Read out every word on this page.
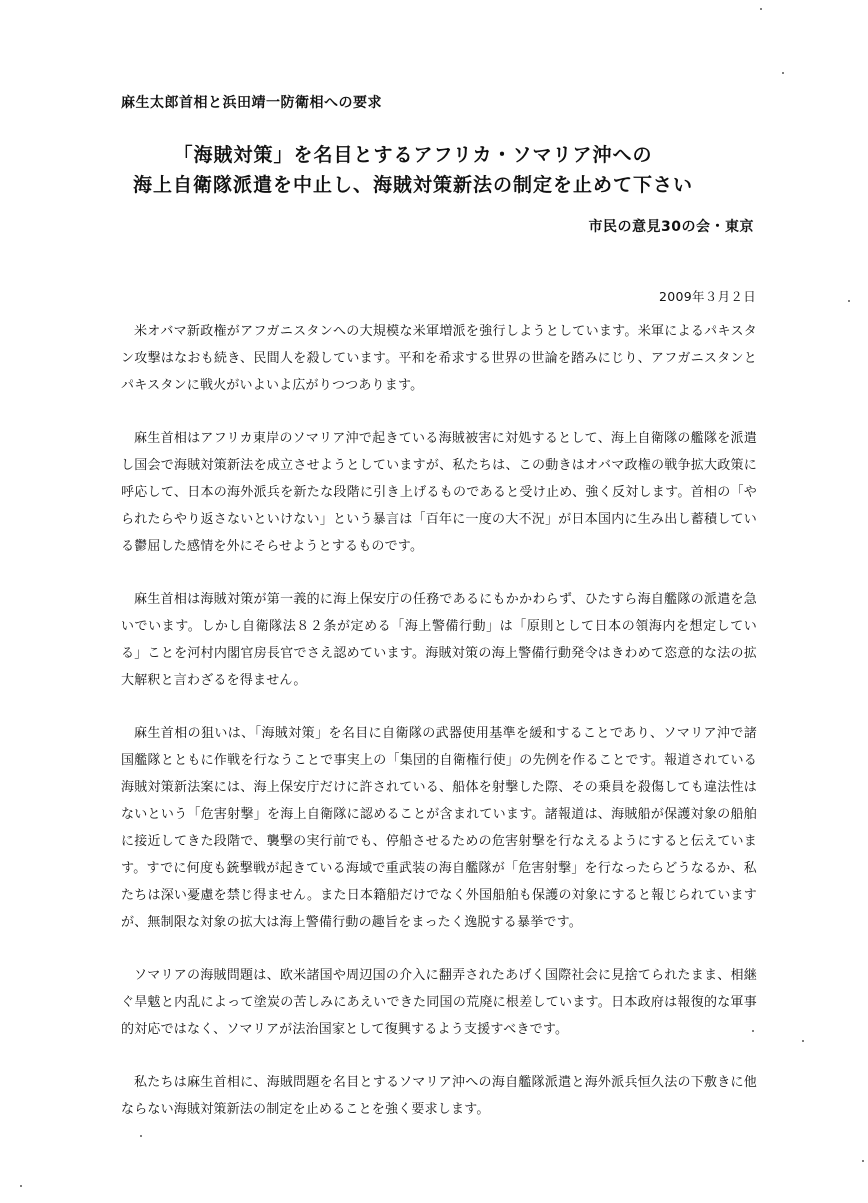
麻生太郎首相と浜田靖一防衛相への要求
「海賊対策」を名目とするアフリカ・ソマリア沖への
海上自衛隊派遣を中止し、海賊対策新法の制定を止めて下さい
市民の意見30の会・東京
2009年３月２日

米オバマ新政権がアフガニスタンへの大規模な米軍増派を強行しようとしています。米軍によるパキスタン攻撃はなおも続き、民間人を殺しています。平和を希求する世界の世論を踏みにじり、アフガニスタンとパキスタンに戦火がいよいよ広がりつつあります。

麻生首相はアフリカ東岸のソマリア沖で起きている海賊被害に対処するとして、海上自衛隊の艦隊を派遣し国会で海賊対策新法を成立させようとしていますが、私たちは、この動きはオバマ政権の戦争拡大政策に呼応して、日本の海外派兵を新たな段階に引き上げるものであると受け止め、強く反対します。首相の「やられたらやり返さないといけない」という暴言は「百年に一度の大不況」が日本国内に生み出し蓄積している鬱屈した感情を外にそらせようとするものです。

麻生首相は海賊対策が第一義的に海上保安庁の任務であるにもかかわらず、ひたすら海自艦隊の派遣を急いでいます。しかし自衛隊法８２条が定める「海上警備行動」は「原則として日本の領海内を想定している」ことを河村内閣官房長官でさえ認めています。海賊対策の海上警備行動発令はきわめて恣意的な法の拡大解釈と言わざるを得ません。

麻生首相の狙いは、「海賊対策」を名目に自衛隊の武器使用基準を緩和することであり、ソマリア沖で諸国艦隊とともに作戦を行なうことで事実上の「集団的自衛権行使」の先例を作ることです。報道されている海賊対策新法案には、海上保安庁だけに許されている、船体を射撃した際、その乗員を殺傷しても違法性はないという「危害射撃」を海上自衛隊に認めることが含まれています。諸報道は、海賊船が保護対象の船舶に接近してきた段階で、襲撃の実行前でも、停船させるための危害射撃を行なえるようにすると伝えています。すでに何度も銃撃戦が起きている海域で重武装の海自艦隊が「危害射撃」を行なったらどうなるか、私たちは深い憂慮を禁じ得ません。また日本籍船だけでなく外国船舶も保護の対象にすると報じられていますが、無制限な対象の拡大は海上警備行動の趣旨をまったく逸脱する暴挙です。

ソマリアの海賊問題は、欧米諸国や周辺国の介入に翻弄されたあげく国際社会に見捨てられたまま、相継ぐ旱魃と内乱によって塗炭の苦しみにあえいできた同国の荒廃に根差しています。日本政府は報復的な軍事的対応ではなく、ソマリアが法治国家として復興するよう支援すべきです。

私たちは麻生首相に、海賊問題を名目とするソマリア沖への海自艦隊派遣と海外派兵恒久法の下敷きに他ならない海賊対策新法の制定を止めることを強く要求します。
